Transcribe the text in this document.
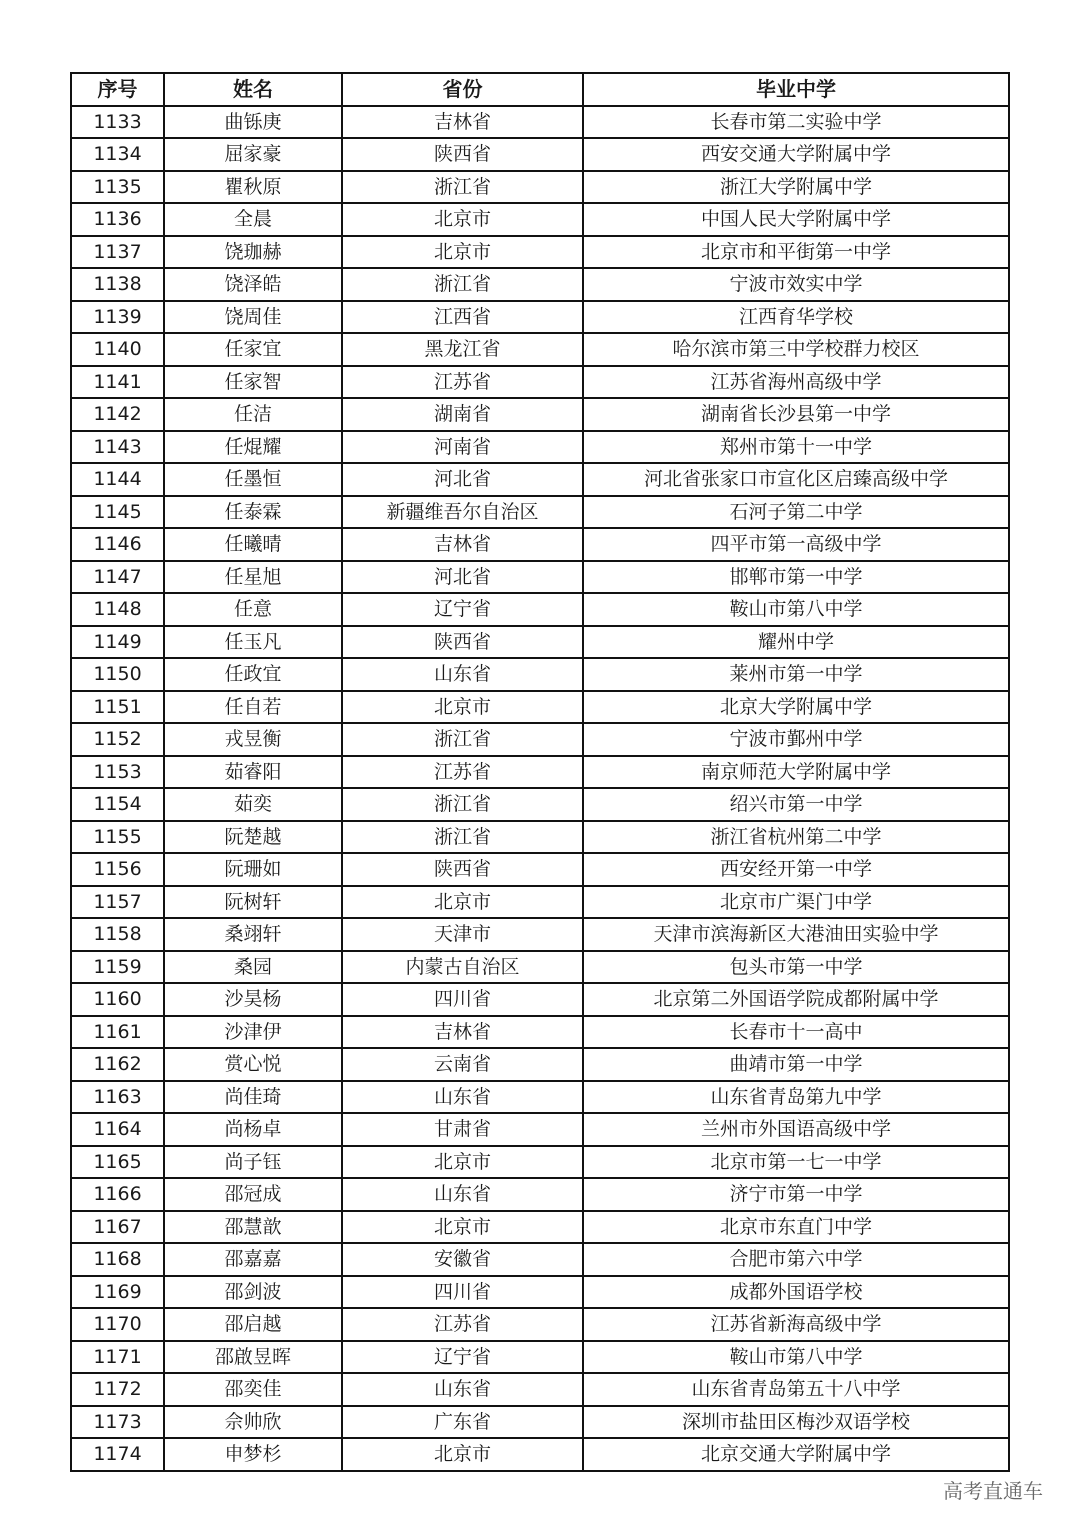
序号	姓名	省份	毕业中学
1133	曲铄庚	吉林省	长春市第二实验中学
1134	屈家豪	陕西省	西安交通大学附属中学
1135	瞿秋原	浙江省	浙江大学附属中学
1136	全晨	北京市	中国人民大学附属中学
1137	饶珈赫	北京市	北京市和平街第一中学
1138	饶泽皓	浙江省	宁波市效实中学
1139	饶周佳	江西省	江西育华学校
1140	任家宜	黑龙江省	哈尔滨市第三中学校群力校区
1141	任家智	江苏省	江苏省海州高级中学
1142	任洁	湖南省	湖南省长沙县第一中学
1143	任焜耀	河南省	郑州市第十一中学
1144	任墨恒	河北省	河北省张家口市宣化区启臻高级中学
1145	任泰霖	新疆维吾尔自治区	石河子第二中学
1146	任曦晴	吉林省	四平市第一高级中学
1147	任星旭	河北省	邯郸市第一中学
1148	任意	辽宁省	鞍山市第八中学
1149	任玉凡	陕西省	耀州中学
1150	任政宜	山东省	莱州市第一中学
1151	任自若	北京市	北京大学附属中学
1152	戎昱衡	浙江省	宁波市鄞州中学
1153	茹睿阳	江苏省	南京师范大学附属中学
1154	茹奕	浙江省	绍兴市第一中学
1155	阮楚越	浙江省	浙江省杭州第二中学
1156	阮珊如	陕西省	西安经开第一中学
1157	阮树轩	北京市	北京市广渠门中学
1158	桑翊轩	天津市	天津市滨海新区大港油田实验中学
1159	桑园	内蒙古自治区	包头市第一中学
1160	沙昊杨	四川省	北京第二外国语学院成都附属中学
1161	沙津伊	吉林省	长春市十一高中
1162	赏心悦	云南省	曲靖市第一中学
1163	尚佳琦	山东省	山东省青岛第九中学
1164	尚杨卓	甘肃省	兰州市外国语高级中学
1165	尚子钰	北京市	北京市第一七一中学
1166	邵冠成	山东省	济宁市第一中学
1167	邵慧歆	北京市	北京市东直门中学
1168	邵嘉嘉	安徽省	合肥市第六中学
1169	邵剑波	四川省	成都外国语学校
1170	邵启越	江苏省	江苏省新海高级中学
1171	邵啟昱晖	辽宁省	鞍山市第八中学
1172	邵奕佳	山东省	山东省青岛第五十八中学
1173	佘帅欣	广东省	深圳市盐田区梅沙双语学校
1174	申梦杉	北京市	北京交通大学附属中学
高考直通车
